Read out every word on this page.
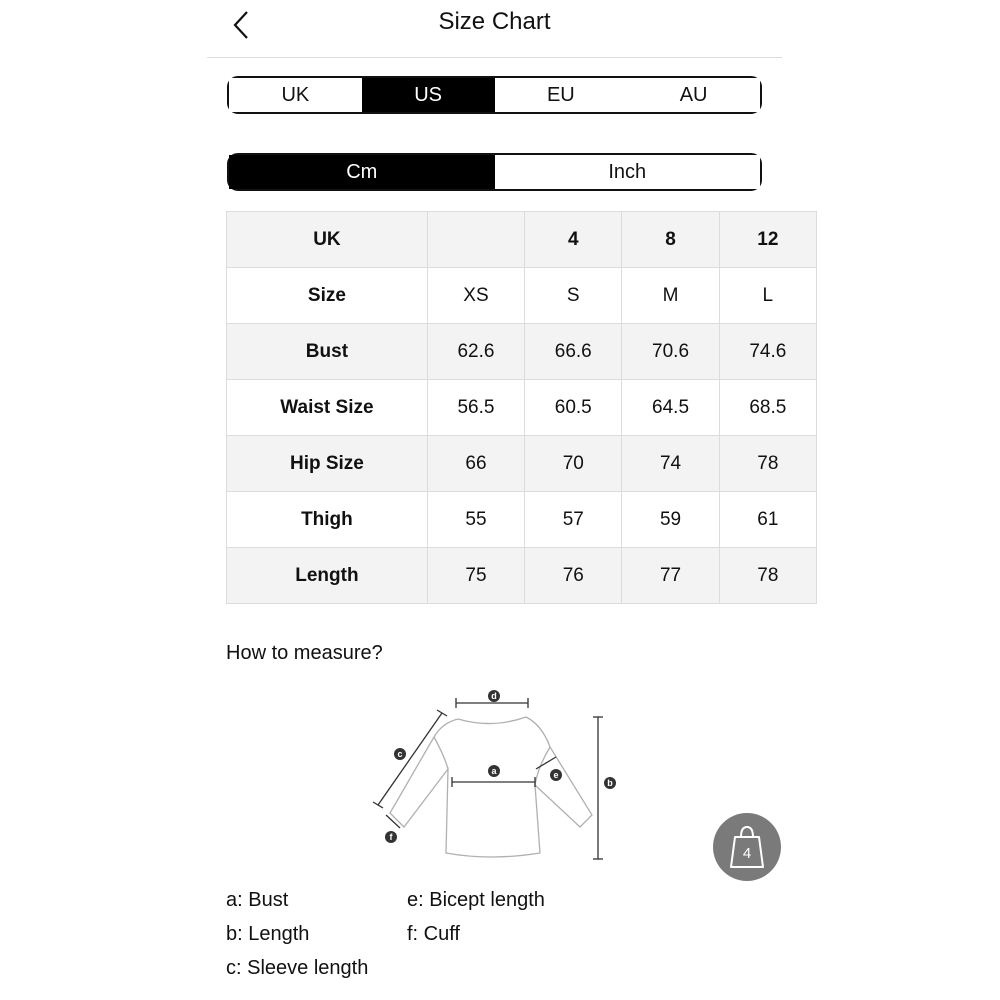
Size Chart
UK	US	EU	AU
Cm	Inch
UK		4	8	12
Size	XS	S	M	L
Bust	62.6	66.6	70.6	74.6
Waist Size	56.5	60.5	64.5	68.5
Hip Size	66	70	74	78
Thigh	55	57	59	61
Length	75	76	77	78
How to measure?
d
a
b
c
e
f
a: Bust
b: Length
c: Sleeve length
e: Bicept length
f: Cuff
4
